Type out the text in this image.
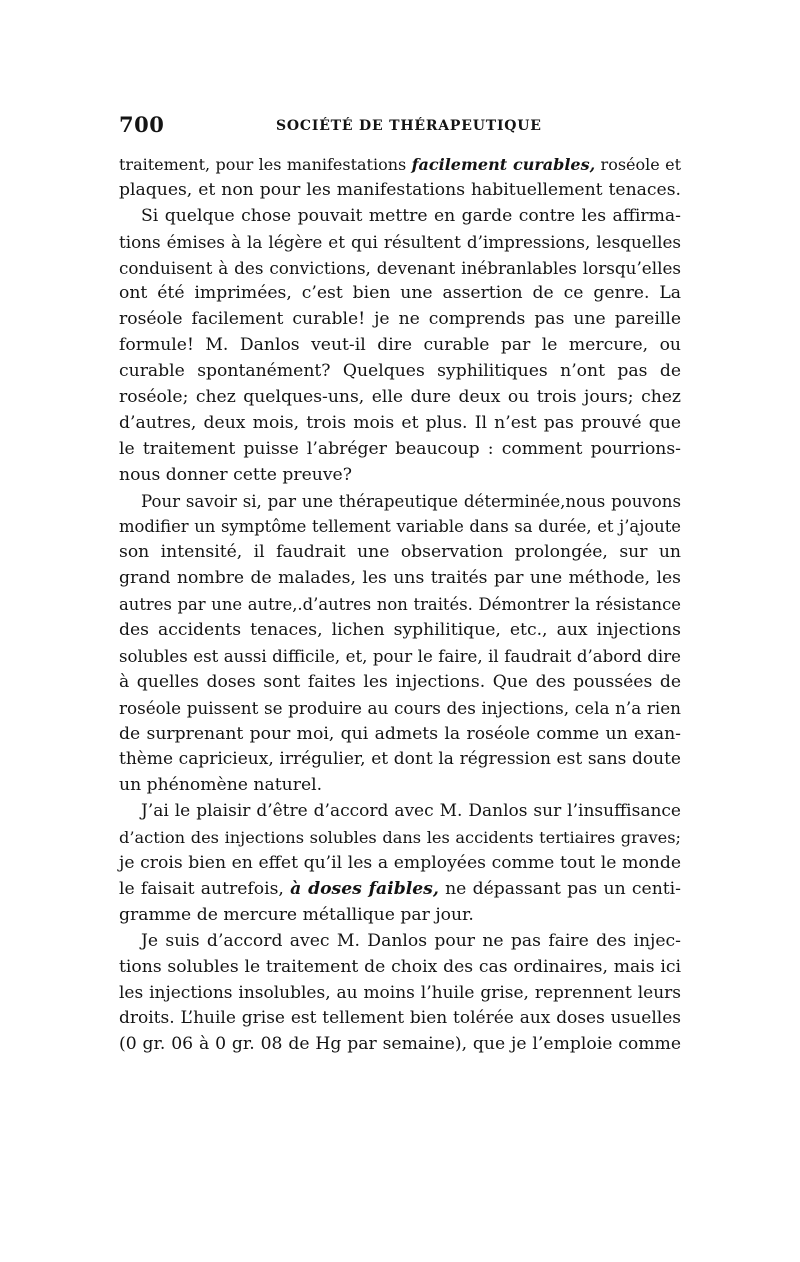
700	SOCIÉTÉ DE THÉRAPEUTIQUE
traitement, pour les manifestations facilement curables, roséole et
plaques, et non pour les manifestations habituellement tenaces.
Si quelque chose pouvait mettre en garde contre les affirma-
tions émises à la légère et qui résultent d’impressions, lesquelles
conduisent à des convictions, devenant inébranlables lorsqu’elles
ont été imprimées, c’est bien une assertion de ce genre. La
roséole facilement curable! je ne comprends pas une pareille
formule! M. Danlos veut-il dire curable par le mercure, ou
curable spontanément? Quelques syphilitiques n’ont pas de
roséole; chez quelques-uns, elle dure deux ou trois jours; chez
d’autres, deux mois, trois mois et plus. Il n’est pas prouvé que
le traitement puisse l’abréger beaucoup : comment pourrions-
nous donner cette preuve?
Pour savoir si, par une thérapeutique déterminée,nous pouvons
modifier un symptôme tellement variable dans sa durée, et j’ajoute
son intensité, il faudrait une observation prolongée, sur un
grand nombre de malades, les uns traités par une méthode, les
autres par une autre,.d’autres non traités. Démontrer la résistance
des accidents tenaces, lichen syphilitique, etc., aux injections
solubles est aussi difficile, et, pour le faire, il faudrait d’abord dire
à quelles doses sont faites les injections. Que des poussées de
roséole puissent se produire au cours des injections, cela n’a rien
de surprenant pour moi, qui admets la roséole comme un exan-
thème capricieux, irrégulier, et dont la régression est sans doute
un phénomène naturel.
J’ai le plaisir d’être d’accord avec M. Danlos sur l’insuffisance
d’action des injections solubles dans les accidents tertiaires graves;
je crois bien en effet qu’il les a employées comme tout le monde
le faisait autrefois, à doses faibles, ne dépassant pas un centi-
gramme de mercure métallique par jour.
Je suis d’accord avec M. Danlos pour ne pas faire des injec-
tions solubles le traitement de choix des cas ordinaires, mais ici
les injections insolubles, au moins l’huile grise, reprennent leurs
droits. L’huile grise est tellement bien tolérée aux doses usuelles
(0 gr. 06 à 0 gr. 08 de Hg par semaine), que je l’emploie comme
